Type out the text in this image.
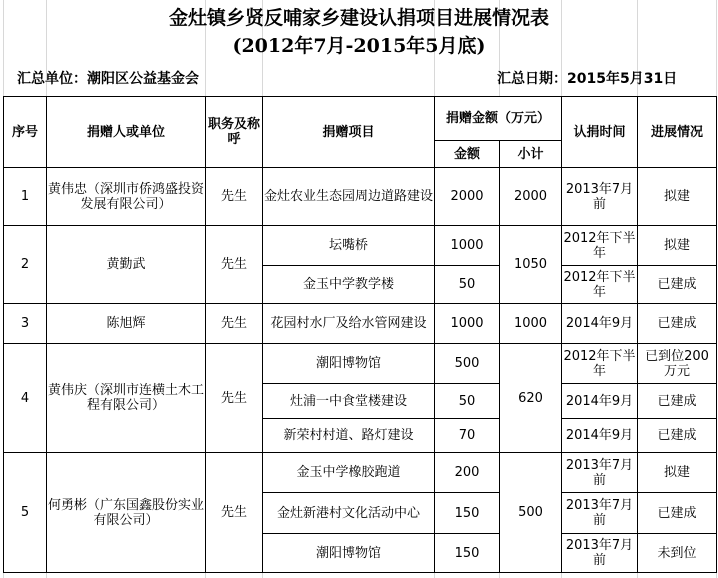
金灶镇乡贤反哺家乡建设认捐项目进展情况表
(2012年7月-2015年5月底)
汇总单位：潮阳区公益基金会	汇总日期：2015年5月31日
序号	捐赠人或单位	职务及称呼	捐赠项目	捐赠金额（万元）		认捐时间	进展情况
				金额	小计		
1	黄伟忠（深圳市侨鸿盛投资发展有限公司）	先生	金灶农业生态园周边道路建设	2000	2000	2013年7月前	拟建
2	黄勤武	先生	坛嘴桥	1000	1050	2012年下半年	拟建
			金玉中学教学楼	50		2012年下半年	已建成
3	陈旭辉	先生	花园村水厂及给水管网建设	1000	1000	2014年9月	已建成
4	黄伟庆（深圳市连横土木工程有限公司）	先生	潮阳博物馆	500	620	2012年下半年	已到位200万元
			灶浦一中食堂楼建设	50		2014年9月	已建成
			新荣村村道、路灯建设	70		2014年9月	已建成
5	何勇彬（广东国鑫股份实业有限公司）	先生	金玉中学橡胶跑道	200	500	2013年7月前	拟建
			金灶新港村文化活动中心	150		2013年7月前	已建成
			潮阳博物馆	150		2013年7月前	未到位
